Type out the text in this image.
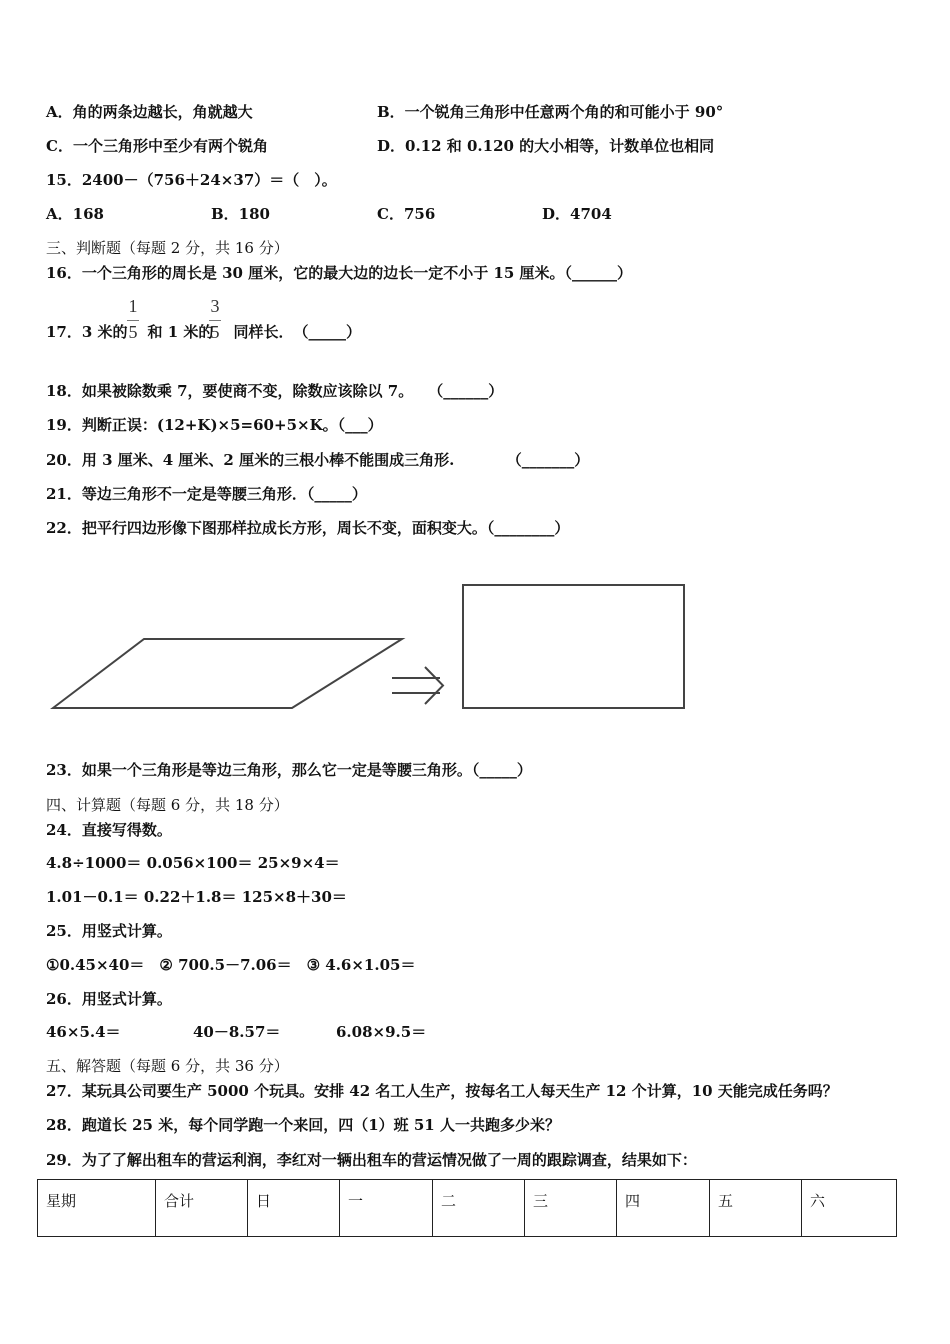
A．角的两条边越长，角就越大	B．一个锐角三角形中任意两个角的和可能小于 90°
C．一个三角形中至少有两个锐角	D．0.12 和 0.120 的大小相等，计数单位也相同
15．2400－（756＋24×37）＝（　）。
A．168	B．180	C．756	D．4704
三、判断题（每题 2 分，共 16 分）
16．一个三角形的周长是 30 厘米，它的最大边的边长一定不小于 15 厘米。（______）
17．3 米的 和 1 米的 同样长．　（_____）
1
5
3
5
18．如果被除数乘 7，要使商不变，除数应该除以 7。　　（______）
19．判断正误：(12+K)×5=60+5×K。（___）
20．用 3 厘米、4 厘米、2 厘米的三根小棒不能围成三角形.　　　　（_______）
21．等边三角形不一定是等腰三角形．（_____）
22．把平行四边形像下图那样拉成长方形，周长不变，面积变大。（________）
23．如果一个三角形是等边三角形，那么它一定是等腰三角形。（_____）
四、计算题（每题 6 分，共 18 分）
24．直接写得数。
4.8÷1000＝ 0.056×100＝ 25×9×4＝
1.01－0.1＝ 0.22＋1.8＝ 125×8＋30＝
25．用竖式计算。
①0.45×40＝　② 700.5－7.06＝　③ 4.6×1.05＝
26．用竖式计算。
46×5.4＝	40－8.57＝	6.08×9.5＝
五、解答题（每题 6 分，共 36 分）
27．某玩具公司要生产 5000 个玩具。安排 42 名工人生产，按每名工人每天生产 12 个计算，10 天能完成任务吗？
28．跑道长 25 米，每个同学跑一个来回，四（1）班 51 人一共跑多少米？
29．为了了解出租车的营运利润，李红对一辆出租车的营运情况做了一周的跟踪调查，结果如下：
星期	合计	日	一	二	三	四	五	六
